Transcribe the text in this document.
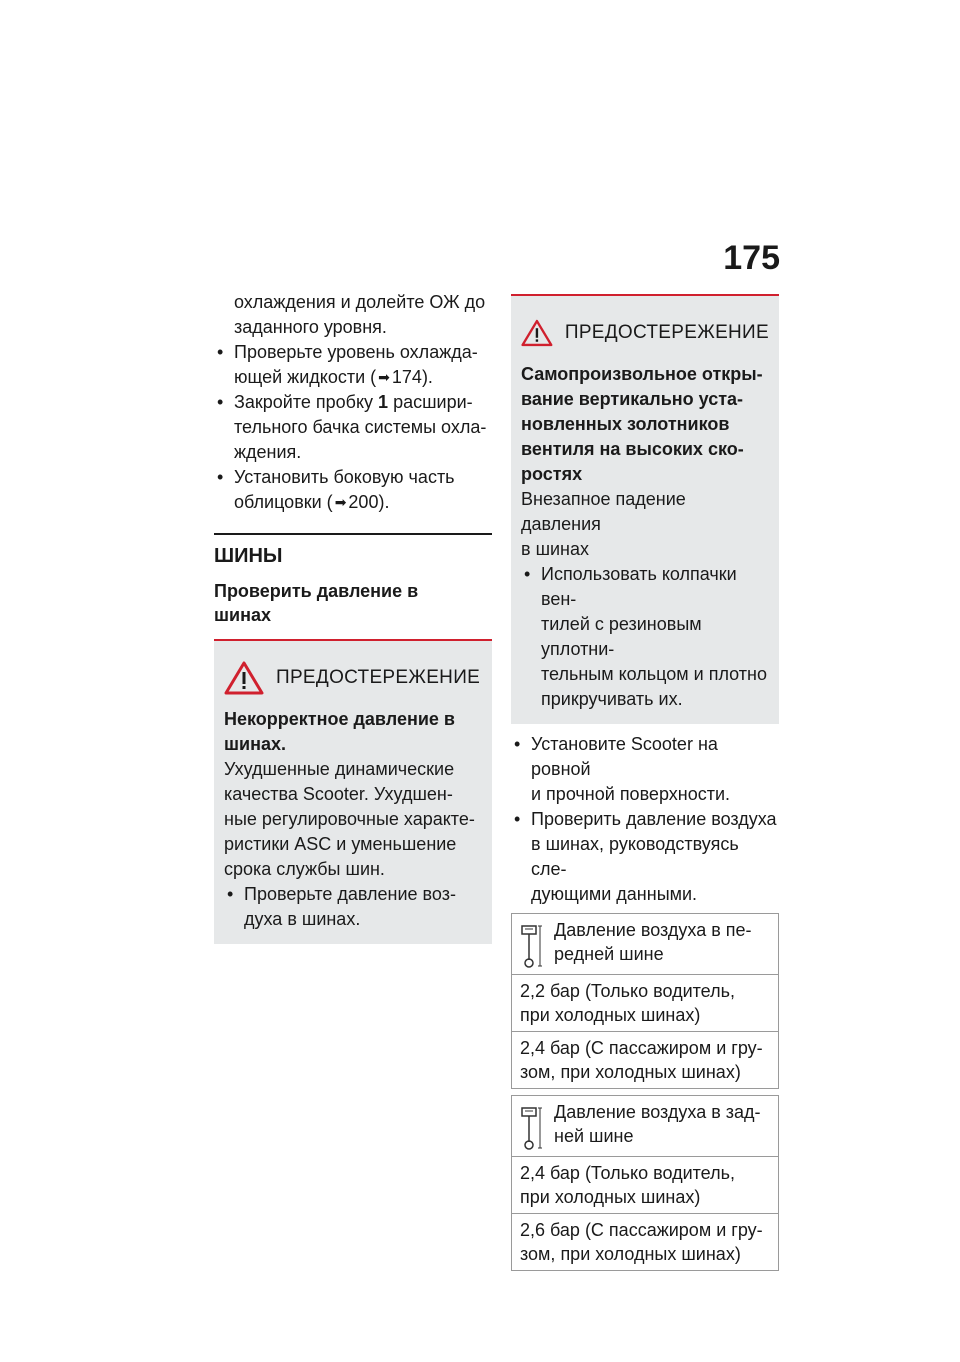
175

охлаждения и долейте ОЖ до

заданного уровня.

• Проверьте уровень охлажда-
ющей жидкости ( ➡ 174).
• Закройте пробку 1 расшири-
тельного бачка системы охла-
ждения.
• Установить боковую часть
облицовки ( ➡ 200).
ШИНЫ
Проверить давление в
шинах
ПРЕДОСТЕРЕЖЕНИЕ
Некорректное давление в
шинах.

Ухудшенные динамические

качества Scooter. Ухудшен-

ные регулировочные характе-

ристики ASC и уменьшение

срока службы шин.

• Проверьте давление воз-
духа в шинах.
ПРЕДОСТЕРЕЖЕНИЕ
Самопроизвольное откры-
вание вертикально уста-
новленных золотников
вентиля на высоких ско-
ростях

Внезапное падение давления

в шинах

• Использовать колпачки вен-
тилей с резиновым уплотни-
тельным кольцом и плотно
прикручивать их.
• Установите Scooter на ровной
и прочной поверхности.
• Проверить давление воздуха
в шинах, руководствуясь сле-
дующими данными.
Давление воздуха в пе-
редней шине

2,2 бар (Только водитель,
при холодных шинах)

2,4 бар (С пассажиром и гру-
зом, при холодных шинах)
Давление воздуха в зад-
ней шине

2,4 бар (Только водитель,
при холодных шинах)

2,6 бар (С пассажиром и гру-
зом, при холодных шинах)
